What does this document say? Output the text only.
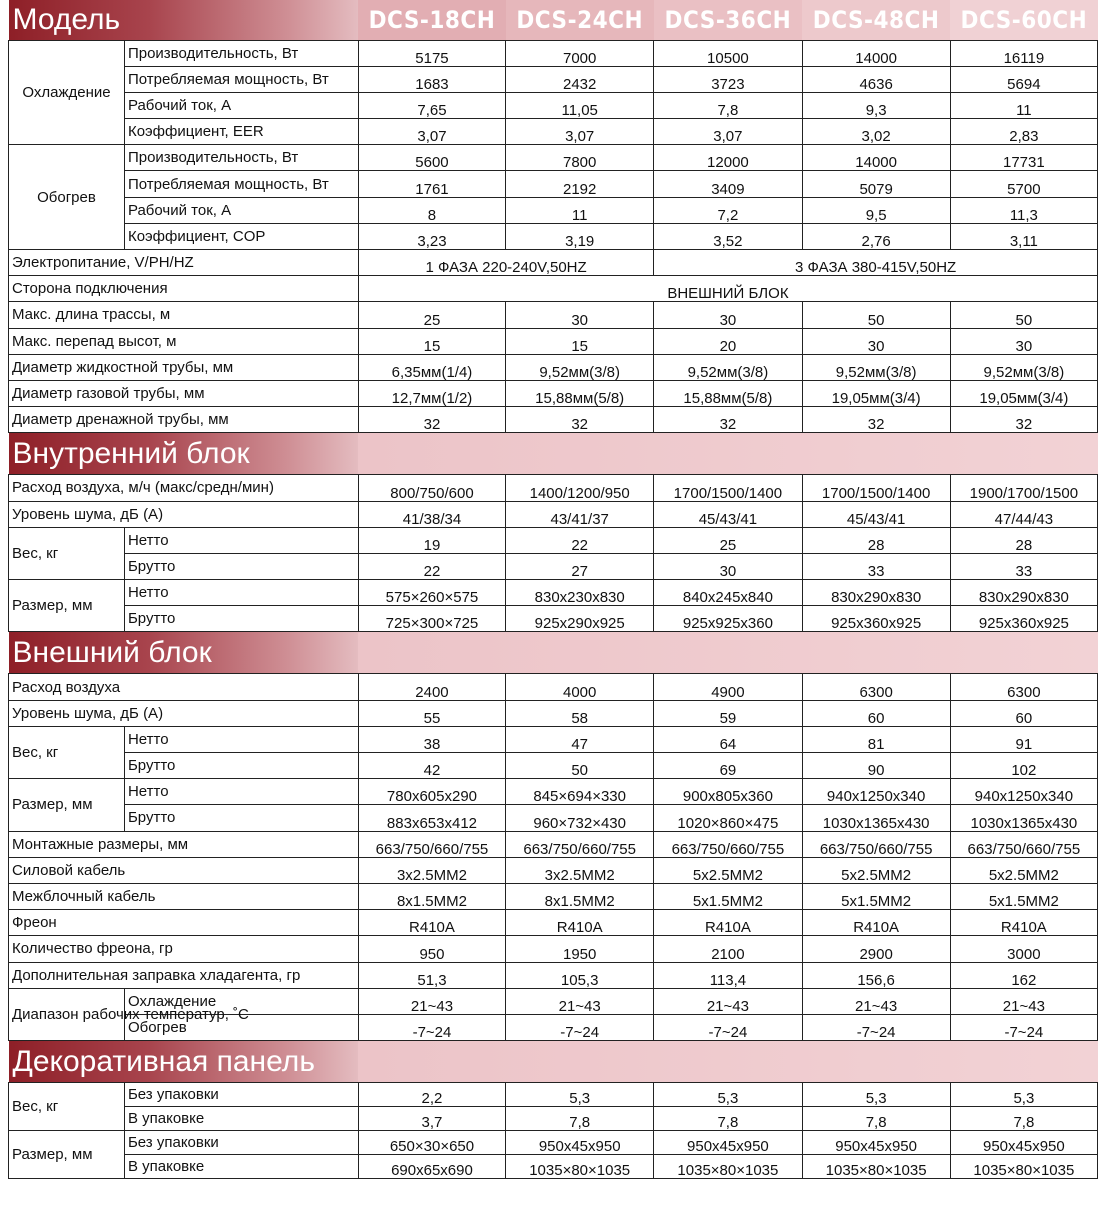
Модель		DCS-18CH	DCS-24CH	DCS-36CH	DCS-48CH	DCS-60CH
Охлаждение	Производительность, Вт	5175	7000	10500	14000	16119
	Потребляемая мощность, Вт	1683	2432	3723	4636	5694
	Рабочий ток, А	7,65	11,05	7,8	9,3	11
	Коэффициент, EER	3,07	3,07	3,07	3,02	2,83
Обогрев	Производительность, Вт	5600	7800	12000	14000	17731
	Потребляемая мощность, Вт	1761	2192	3409	5079	5700
	Рабочий ток, А	8	11	7,2	9,5	11,3
	Коэффициент, COP	3,23	3,19	3,52	2,76	3,11
Электропитание, V/PH/HZ		1 ФАЗА 220-240V,50HZ		3 ФАЗА 380-415V,50HZ		
Сторона подключения		ВНЕШНИЙ БЛОК				
Макс. длина трассы, м		25	30	30	50	50
Макс. перепад высот, м		15	15	20	30	30
Диаметр жидкостной трубы, мм		6,35мм(1/4)	9,52мм(3/8)	9,52мм(3/8)	9,52мм(3/8)	9,52мм(3/8)
Диаметр газовой трубы, мм		12,7мм(1/2)	15,88мм(5/8)	15,88мм(5/8)	19,05мм(3/4)	19,05мм(3/4)
Диаметр дренажной трубы, мм		32	32	32	32	32
Внутренний блок						
Расход воздуха, м/ч (макс/средн/мин)		800/750/600	1400/1200/950	1700/1500/1400	1700/1500/1400	1900/1700/1500
Уровень шума, дБ (А)		41/38/34	43/41/37	45/43/41	45/43/41	47/44/43
Вес, кг	Нетто	19	22	25	28	28
	Брутто	22	27	30	33	33
Размер, мм	Нетто	575×260×575	830x230x830	840x245x840	830x290x830	830x290x830
	Брутто	725×300×725	925x290x925	925x925x360	925x360x925	925x360x925
Внешний блок						
Расход воздуха		2400	4000	4900	6300	6300
Уровень шума, дБ (А)		55	58	59	60	60
Вес, кг	Нетто	38	47	64	81	91
	Брутто	42	50	69	90	102
Размер, мм	Нетто	780x605x290	845×694×330	900x805x360	940x1250x340	940x1250x340
	Брутто	883x653x412	960×732×430	1020×860×475	1030x1365x430	1030x1365x430
Монтажные размеры, мм		663/750/660/755	663/750/660/755	663/750/660/755	663/750/660/755	663/750/660/755
Силовой кабель		3x2.5MM2	3x2.5MM2	5x2.5MM2	5x2.5MM2	5x2.5MM2
Межблочный кабель		8x1.5MM2	8x1.5MM2	5x1.5MM2	5x1.5MM2	5x1.5MM2
Фреон		R410A	R410A	R410A	R410A	R410A
Количество фреона, гр		950	1950	2100	2900	3000
Дополнительная заправка хладагента, гр		51,3	105,3	113,4	156,6	162
Диапазон рабочих температур, ˚С	Охлаждение	21~43	21~43	21~43	21~43	21~43
	Обогрев	-7~24	-7~24	-7~24	-7~24	-7~24
Декоративная панель						
Вес, кг	Без упаковки	2,2	5,3	5,3	5,3	5,3
	В упаковке	3,7	7,8	7,8	7,8	7,8
Размер, мм	Без упаковки	650×30×650	950x45x950	950x45x950	950x45x950	950x45x950
	В упаковке	690x65x690	1035×80×1035	1035×80×1035	1035×80×1035	1035×80×1035
